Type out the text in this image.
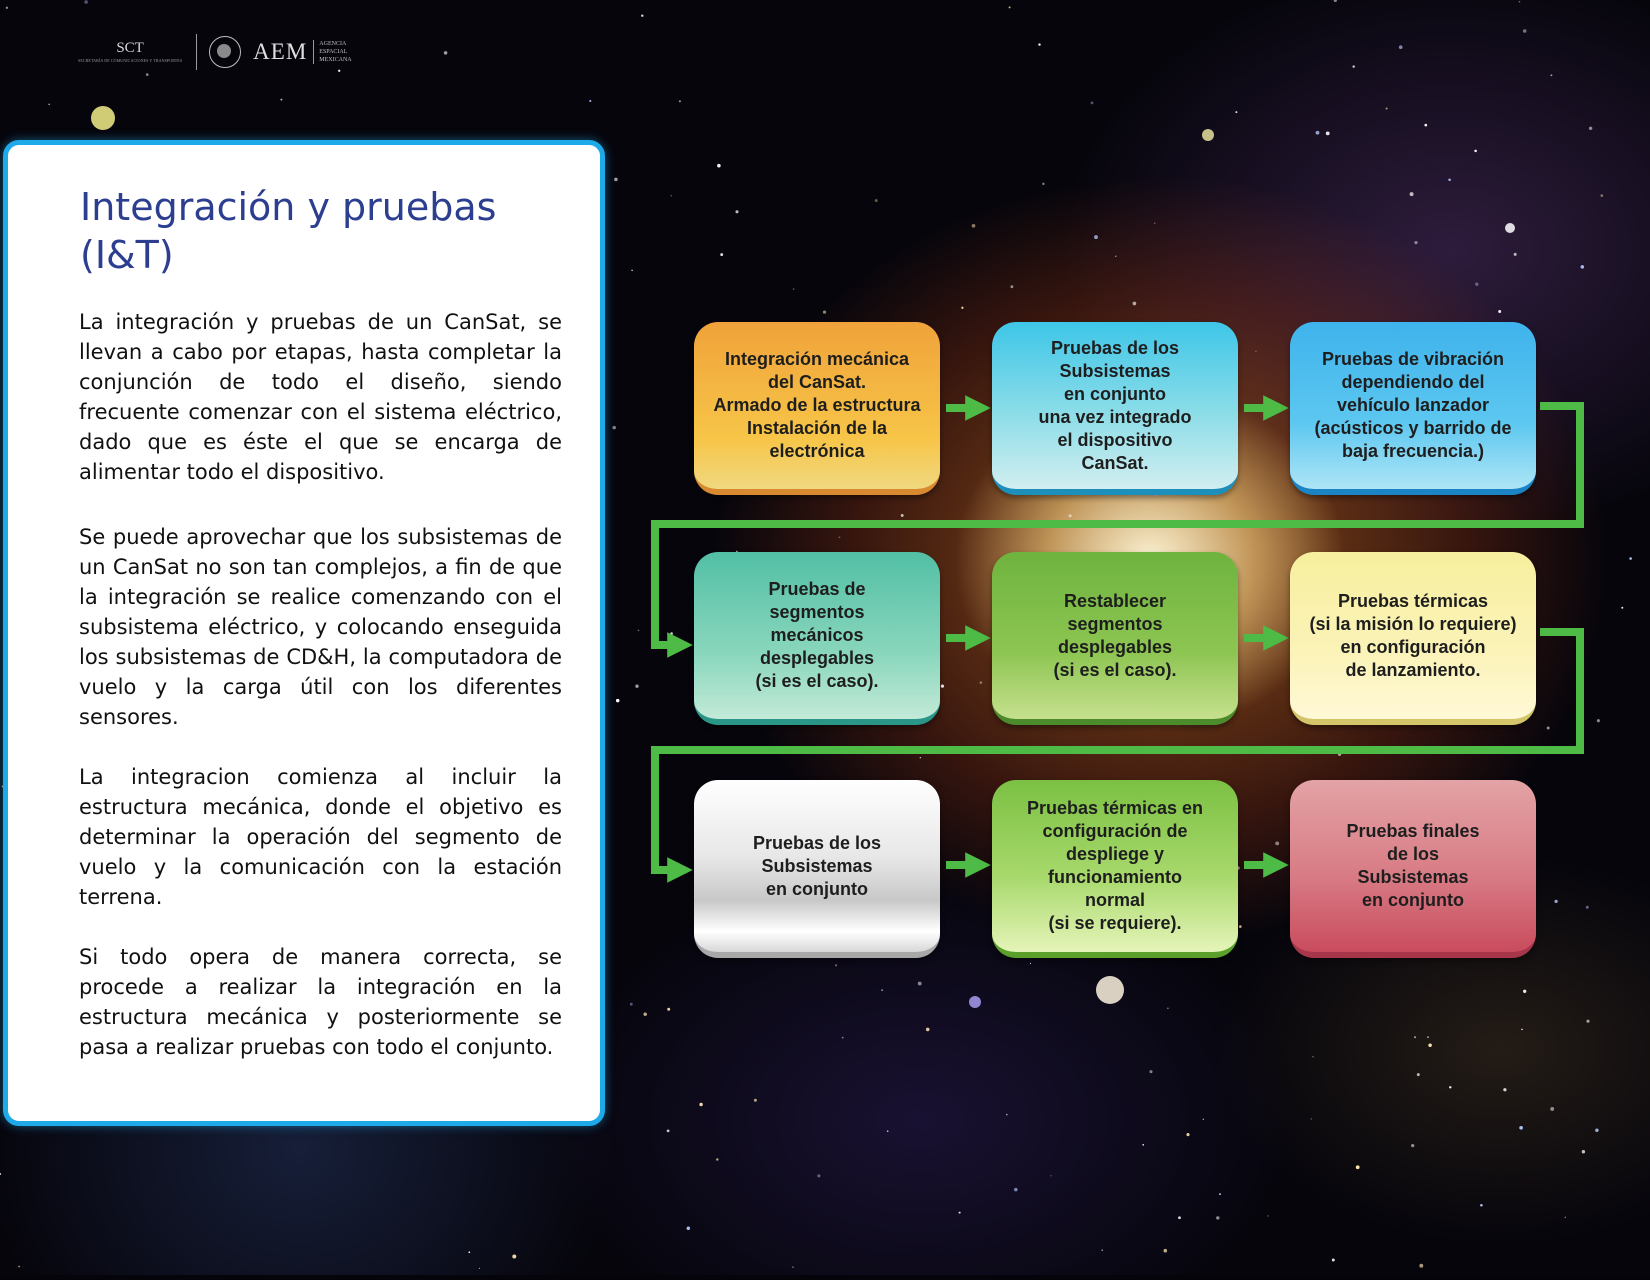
SCT
SECRETARÍA DE COMUNICACIONES Y TRANSPORTES	AEM AGENCIA
ESPACIAL
MEXICANA
Integración y pruebas (I&T)

La integración y pruebas de un CanSat, se llevan a cabo por etapas, hasta completar la conjunción de todo el diseño, siendo frecuente comenzar con el sistema eléctrico, dado que es éste el que se encarga de alimentar todo el dispositivo.

Se puede aprovechar que los subsistemas de un CanSat no son tan complejos, a fin de que la integración se realice comenzando con el subsistema eléctrico, y colocando enseguida los subsistemas de CD&H, la computadora de vuelo y la carga útil con los diferentes sensores.

La integracion comienza al incluir la estructura mecánica, donde el objetivo es determinar la operación del segmento de vuelo y la comunicación con la estación terrena.

Si todo opera de manera correcta, se procede a realizar la integración en la estructura mecánica y posteriormente se pasa a realizar pruebas con todo el conjunto.

Integración mecánica
del CanSat.
Armado de la estructura
Instalación de la
electrónica
Pruebas de los
Subsistemas
en conjunto
una vez integrado
el dispositivo
CanSat.
Pruebas de vibración
dependiendo del
vehículo lanzador
(acústicos y barrido de
baja frecuencia.)
Pruebas de
segmentos
mecánicos
desplegables
(si es el caso).
Restablecer
segmentos
desplegables
(si es el caso).
Pruebas térmicas
(si la misión lo requiere)
en configuración
de lanzamiento.
Pruebas de los
Subsistemas
en conjunto
Pruebas térmicas en
configuración de
despliege y
funcionamiento
normal
(si se requiere).
Pruebas finales
de los
Subsistemas
en conjunto
